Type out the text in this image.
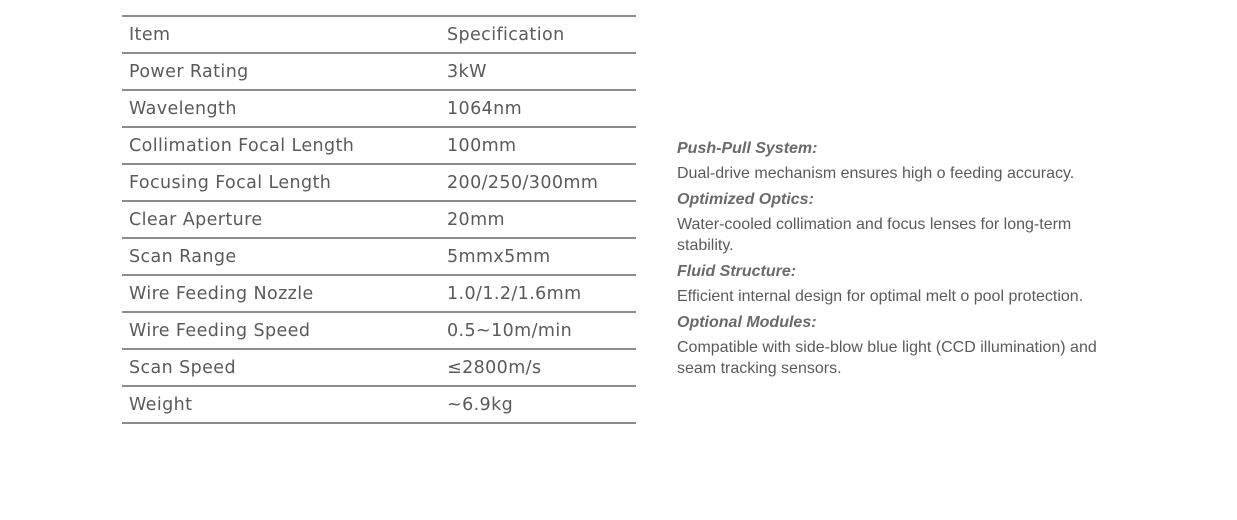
Item	Specification
Power Rating	3kW
Wavelength	1064nm
Collimation Focal Length	100mm
Focusing Focal Length	200/250/300mm
Clear Aperture	20mm
Scan Range	5mmx5mm
Wire Feeding Nozzle	1.0/1.2/1.6mm
Wire Feeding Speed	0.5~10m/min
Scan Speed	≤2800m/s
Weight	~6.9kg
Push-Pull System:
Dual-drive mechanism ensures high o feeding accuracy.
Optimized Optics:
Water-cooled collimation and focus lenses for long-term stability.
Fluid Structure:
Efficient internal design for optimal melt o pool protection.
Optional Modules:
Compatible with side-blow blue light (CCD illumination) and seam tracking sensors.
